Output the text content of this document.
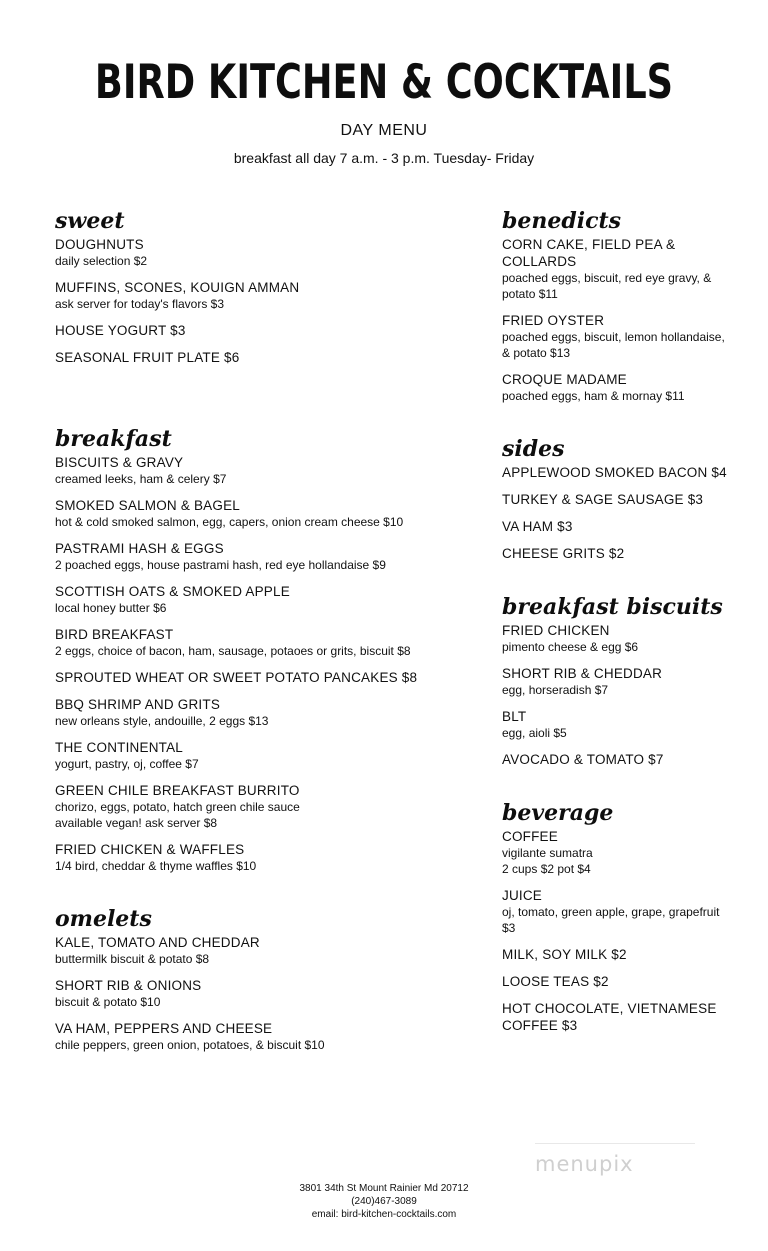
BIRD KITCHEN & COCKTAILS
DAY MENU
breakfast all day 7 a.m. - 3 p.m. Tuesday- Friday
sweet
DOUGHNUTS
daily selection $2
MUFFINS, SCONES, KOUIGN AMMAN
ask server for today's flavors $3
HOUSE YOGURT $3
SEASONAL FRUIT PLATE $6
breakfast
BISCUITS & GRAVY
creamed leeks, ham & celery $7
SMOKED SALMON & BAGEL
hot & cold smoked salmon, egg, capers, onion cream cheese $10
PASTRAMI HASH & EGGS
2 poached eggs, house pastrami hash, red eye hollandaise $9
SCOTTISH OATS & SMOKED APPLE
local honey butter $6
BIRD BREAKFAST
2 eggs, choice of bacon, ham, sausage, potaoes or grits, biscuit $8
SPROUTED WHEAT OR SWEET POTATO PANCAKES $8
BBQ SHRIMP AND GRITS
new orleans style, andouille, 2 eggs $13
THE CONTINENTAL
yogurt, pastry, oj, coffee $7
GREEN CHILE BREAKFAST BURRITO
chorizo, eggs, potato, hatch green chile sauce
available vegan! ask server $8
FRIED CHICKEN & WAFFLES
1/4 bird, cheddar & thyme waffles $10
omelets
KALE, TOMATO AND CHEDDAR
buttermilk biscuit & potato $8
SHORT RIB & ONIONS
biscuit & potato $10
VA HAM, PEPPERS AND CHEESE
chile peppers, green onion, potatoes, & biscuit $10
benedicts
CORN CAKE, FIELD PEA & COLLARDS
poached eggs, biscuit, red eye gravy, & potato $11
FRIED OYSTER
poached eggs, biscuit, lemon hollandaise, & potato $13
CROQUE MADAME
poached eggs, ham & mornay $11
sides
APPLEWOOD SMOKED BACON $4
TURKEY & SAGE SAUSAGE $3
VA HAM $3
CHEESE GRITS $2
breakfast biscuits
FRIED CHICKEN
pimento cheese & egg $6
SHORT RIB & CHEDDAR
egg, horseradish $7
BLT
egg, aioli $5
AVOCADO & TOMATO $7
beverage
COFFEE
vigilante sumatra
2 cups $2 pot $4
JUICE
oj, tomato, green apple, grape, grapefruit $3
MILK, SOY MILK $2
LOOSE TEAS $2
HOT CHOCOLATE, VIETNAMESE COFFEE $3
menupix
3801 34th St Mount Rainier Md 20712
(240)467-3089
email: bird-kitchen-cocktails.com
